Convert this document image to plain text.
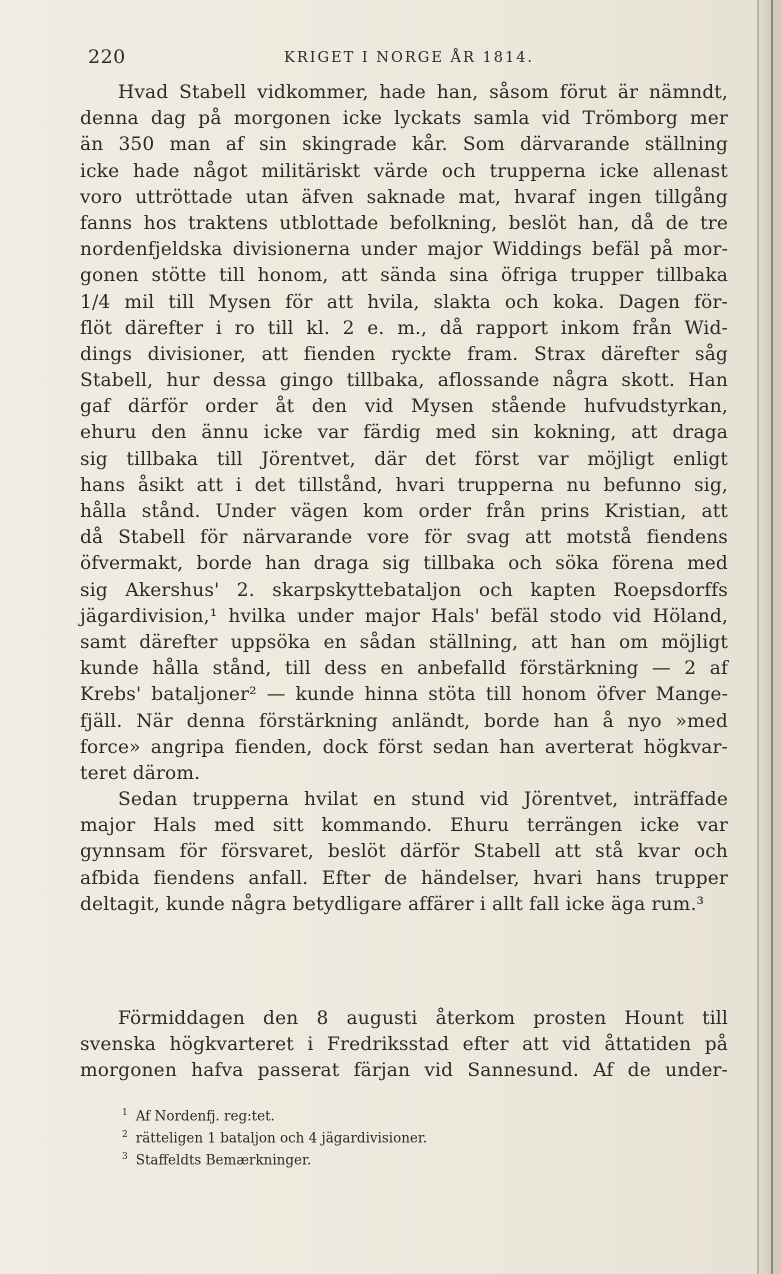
220	KRIGET I NORGE ÅR 1814.
Hvad Stabell vidkommer, hade han, såsom förut är nämndt,
denna dag på morgonen icke lyckats samla vid Trömborg mer
än 350 man af sin skingrade kår. Som därvarande ställning
icke hade något militäriskt värde och trupperna icke allenast
voro uttröttade utan äfven saknade mat, hvaraf ingen tillgång
fanns hos traktens utblottade befolkning, beslöt han, då de tre
nordenfjeldska divisionerna under major Widdings befäl på mor-
gonen stötte till honom, att sända sina öfriga trupper tillbaka
1/4 mil till Mysen för att hvila, slakta och koka. Dagen för-
flöt därefter i ro till kl. 2 e. m., då rapport inkom från Wid-
dings divisioner, att fienden ryckte fram. Strax därefter såg
Stabell, hur dessa gingo tillbaka, aflossande några skott. Han
gaf därför order åt den vid Mysen stående hufvudstyrkan,
ehuru den ännu icke var färdig med sin kokning, att draga
sig tillbaka till Jörentvet, där det först var möjligt enligt
hans åsikt att i det tillstånd, hvari trupperna nu befunno sig,
hålla stånd. Under vägen kom order från prins Kristian, att
då Stabell för närvarande vore för svag att motstå fiendens
öfvermakt, borde han draga sig tillbaka och söka förena med
sig Akershus' 2. skarpskyttebataljon och kapten Roepsdorffs
jägardivision,¹ hvilka under major Hals' befäl stodo vid Höland,
samt därefter uppsöka en sådan ställning, att han om möjligt
kunde hålla stånd, till dess en anbefalld förstärkning — 2 af
Krebs' bataljoner² — kunde hinna stöta till honom öfver Mange-
fjäll. När denna förstärkning anländt, borde han å nyo »med
force» angripa fienden, dock först sedan han averterat högkvar-
teret därom.
Sedan trupperna hvilat en stund vid Jörentvet, inträffade
major Hals med sitt kommando. Ehuru terrängen icke var
gynnsam för försvaret, beslöt därför Stabell att stå kvar och
afbida fiendens anfall. Efter de händelser, hvari hans trupper
deltagit, kunde några betydligare affärer i allt fall icke äga rum.³
Förmiddagen den 8 augusti återkom prosten Hount till
svenska högkvarteret i Fredriksstad efter att vid åttatiden på
morgonen hafva passerat färjan vid Sannesund. Af de under-
$^1$ Af Nordenfj. reg:tet.
$^2$ rätteligen 1 bataljon och 4 jägardivisioner.
$^3$ Staffeldts Bemærkninger.
